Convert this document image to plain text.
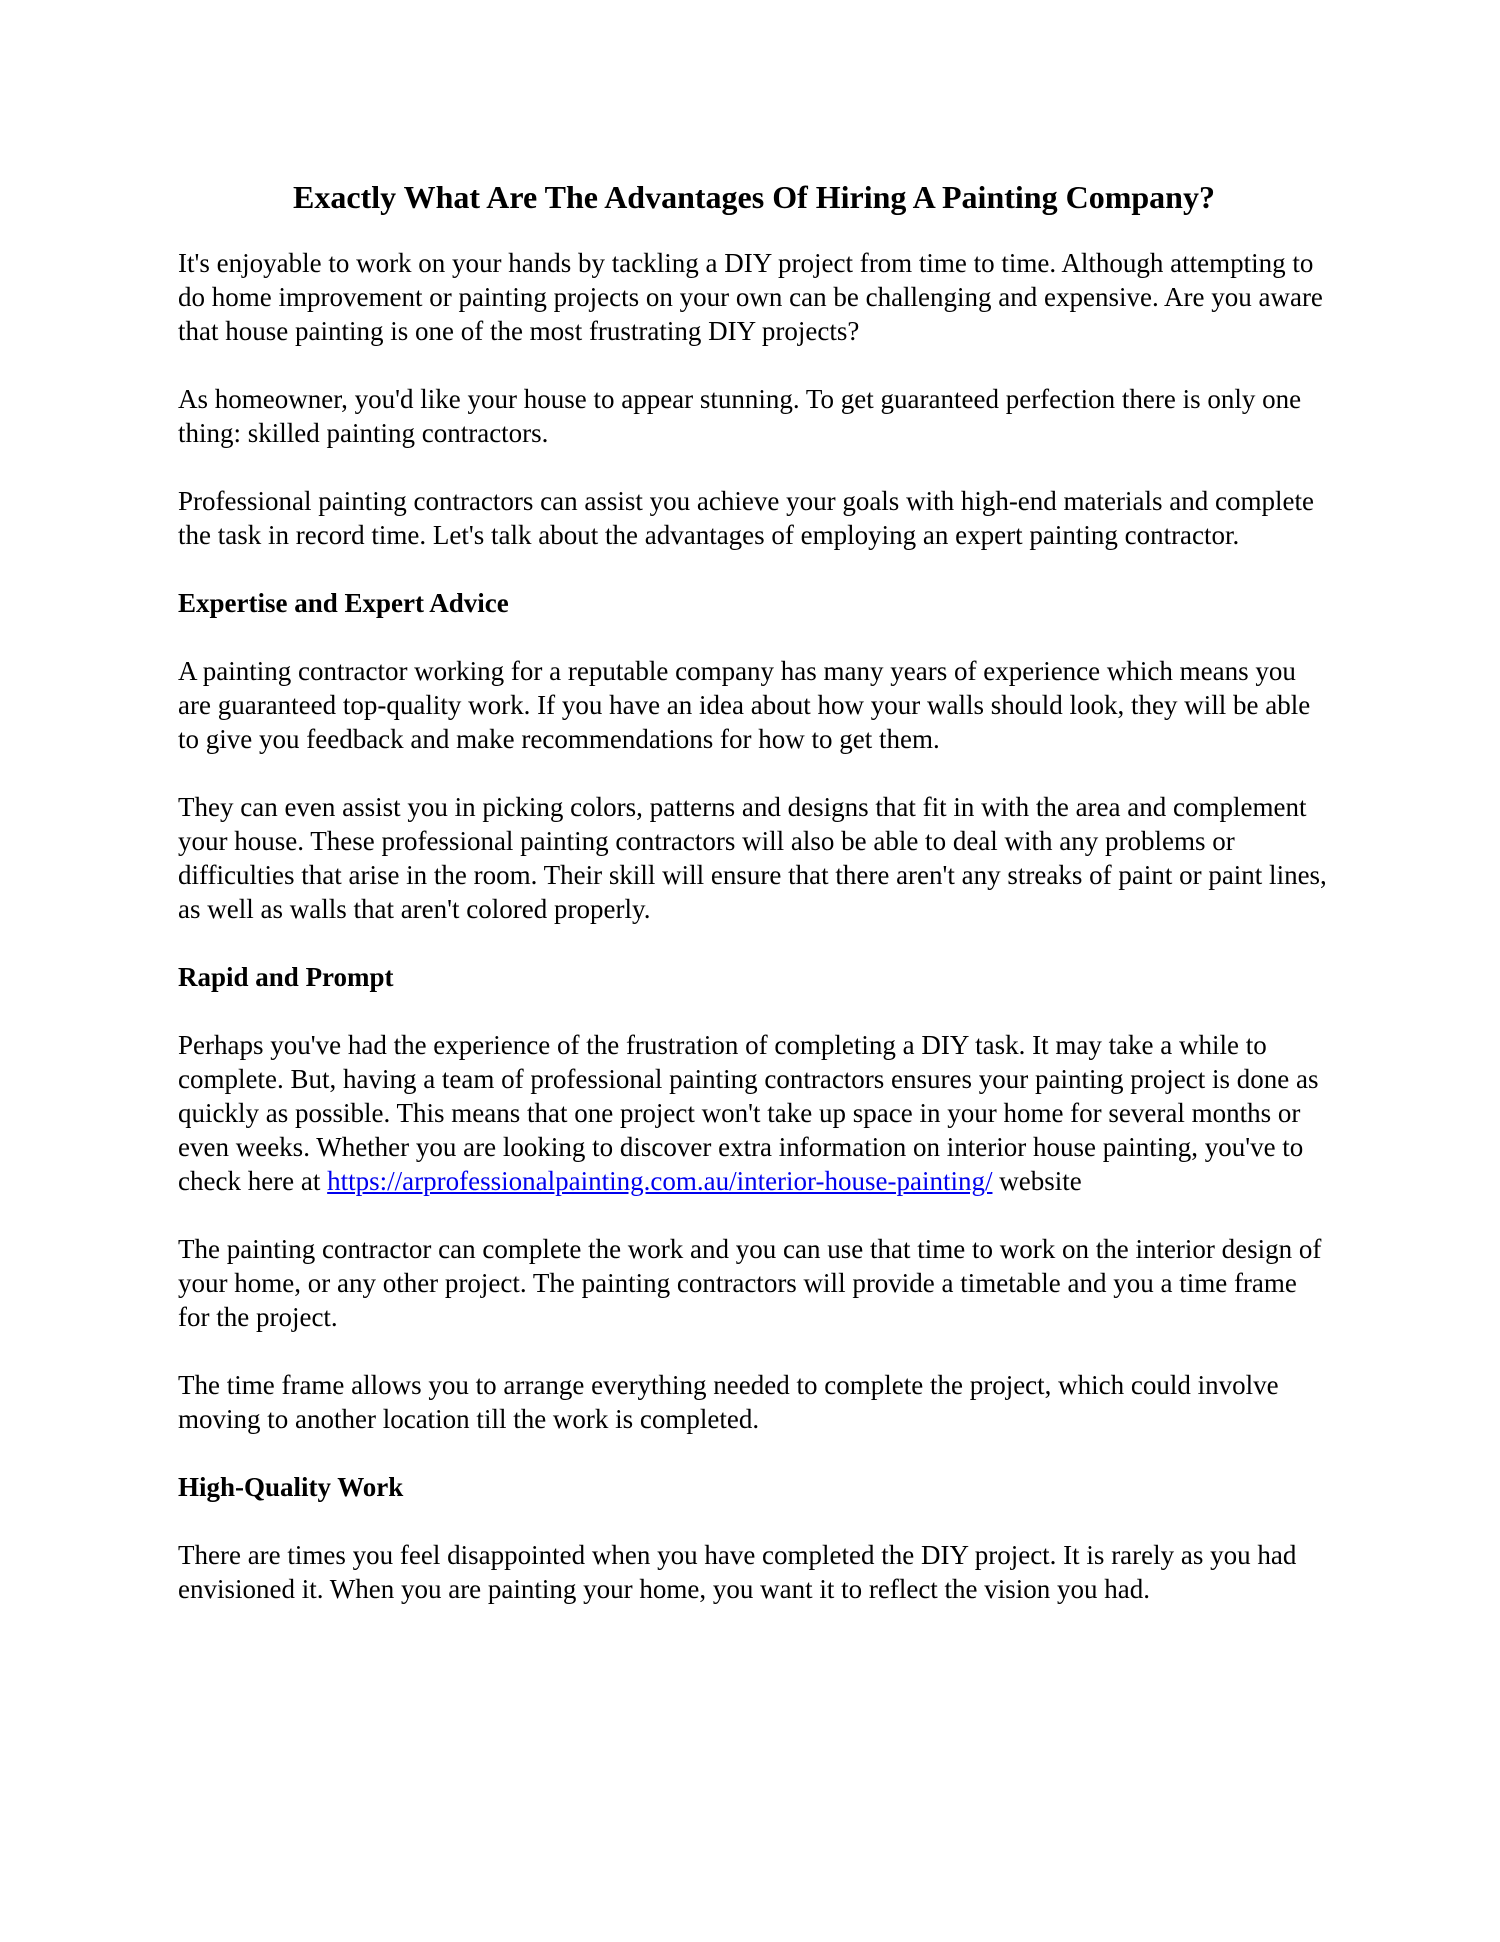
Exactly What Are The Advantages Of Hiring A Painting Company?

It's enjoyable to work on your hands by tackling a DIY project from time to time. Although attempting to do home improvement or painting projects on your own can be challenging and expensive. Are you aware that house painting is one of the most frustrating DIY projects?

As homeowner, you'd like your house to appear stunning. To get guaranteed perfection there is only one thing: skilled painting contractors.

Professional painting contractors can assist you achieve your goals with high-end materials and complete the task in record time. Let's talk about the advantages of employing an expert painting contractor.

Expertise and Expert Advice

A painting contractor working for a reputable company has many years of experience which means you are guaranteed top-quality work. If you have an idea about how your walls should look, they will be able to give you feedback and make recommendations for how to get them.

They can even assist you in picking colors, patterns and designs that fit in with the area and complement your house. These professional painting contractors will also be able to deal with any problems or difficulties that arise in the room. Their skill will ensure that there aren't any streaks of paint or paint lines, as well as walls that aren't colored properly.

Rapid and Prompt

Perhaps you've had the experience of the frustration of completing a DIY task. It may take a while to complete. But, having a team of professional painting contractors ensures your painting project is done as quickly as possible. This means that one project won't take up space in your home for several months or even weeks. Whether you are looking to discover extra information on interior house painting, you've to check here at https://arprofessionalpainting.com.au/interior-house-painting/ website

The painting contractor can complete the work and you can use that time to work on the interior design of your home, or any other project. The painting contractors will provide a timetable and you a time frame for the project.

The time frame allows you to arrange everything needed to complete the project, which could involve moving to another location till the work is completed.

High-Quality Work

There are times you feel disappointed when you have completed the DIY project. It is rarely as you had envisioned it. When you are painting your home, you want it to reflect the vision you had.
